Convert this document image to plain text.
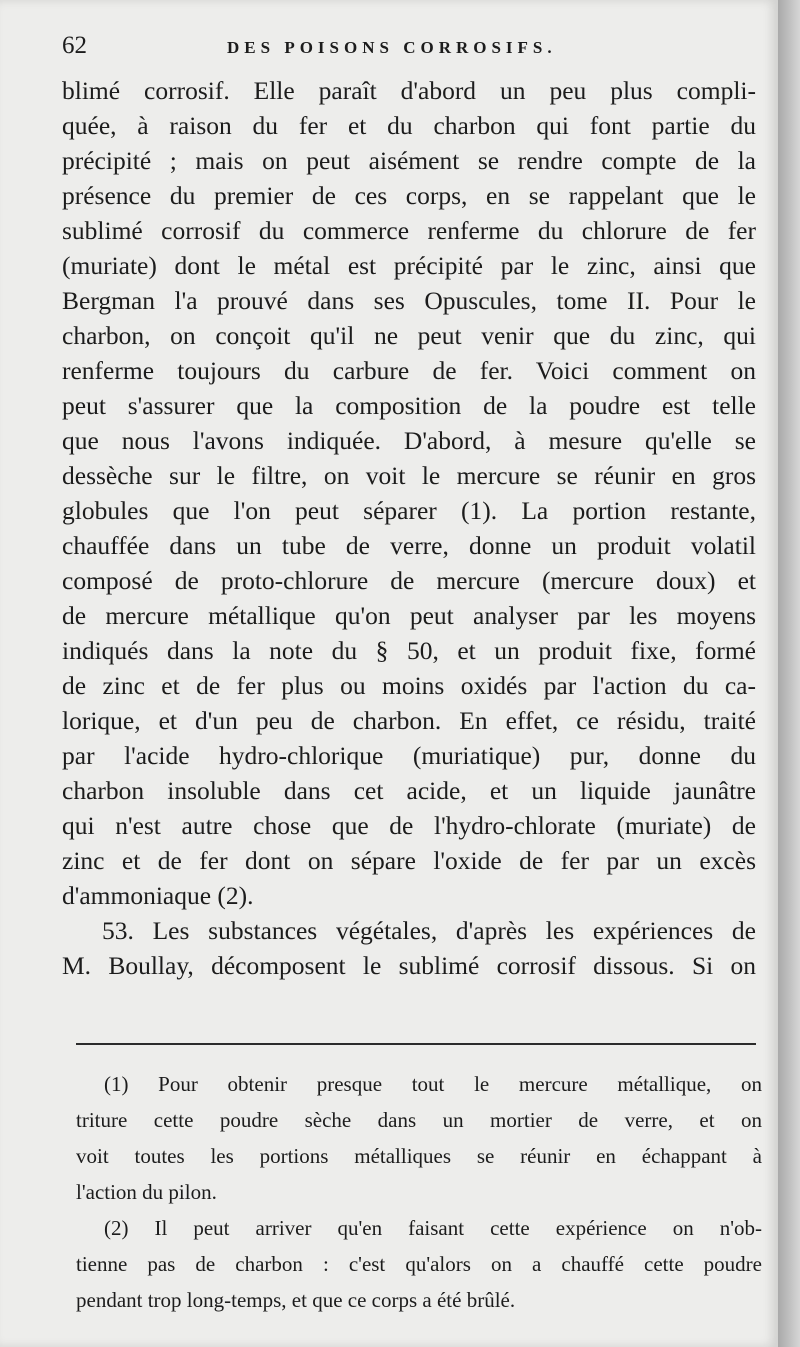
62	DES POISONS CORROSIFS.
blimé corrosif. Elle paraît d'abord un peu plus compli-
quée, à raison du fer et du charbon qui font partie du
précipité ; mais on peut aisément se rendre compte de la
présence du premier de ces corps, en se rappelant que le
sublimé corrosif du commerce renferme du chlorure de fer
(muriate) dont le métal est précipité par le zinc, ainsi que
Bergman l'a prouvé dans ses Opuscules, tome II. Pour le
charbon, on conçoit qu'il ne peut venir que du zinc, qui
renferme toujours du carbure de fer. Voici comment on
peut s'assurer que la composition de la poudre est telle
que nous l'avons indiquée. D'abord, à mesure qu'elle se
dessèche sur le filtre, on voit le mercure se réunir en gros
globules que l'on peut séparer (1). La portion restante,
chauffée dans un tube de verre, donne un produit volatil
composé de proto-chlorure de mercure (mercure doux) et
de mercure métallique qu'on peut analyser par les moyens
indiqués dans la note du § 50, et un produit fixe, formé
de zinc et de fer plus ou moins oxidés par l'action du ca-
lorique, et d'un peu de charbon. En effet, ce résidu, traité
par l'acide hydro-chlorique (muriatique) pur, donne du
charbon insoluble dans cet acide, et un liquide jaunâtre
qui n'est autre chose que de l'hydro-chlorate (muriate) de
zinc et de fer dont on sépare l'oxide de fer par un excès
d'ammoniaque (2).
53. Les substances végétales, d'après les expériences de
M. Boullay, décomposent le sublimé corrosif dissous. Si on
(1) Pour obtenir presque tout le mercure métallique, on
triture cette poudre sèche dans un mortier de verre, et on
voit toutes les portions métalliques se réunir en échappant à
l'action du pilon.
(2) Il peut arriver qu'en faisant cette expérience on n'ob-
tienne pas de charbon : c'est qu'alors on a chauffé cette poudre
pendant trop long-temps, et que ce corps a été brûlé.
